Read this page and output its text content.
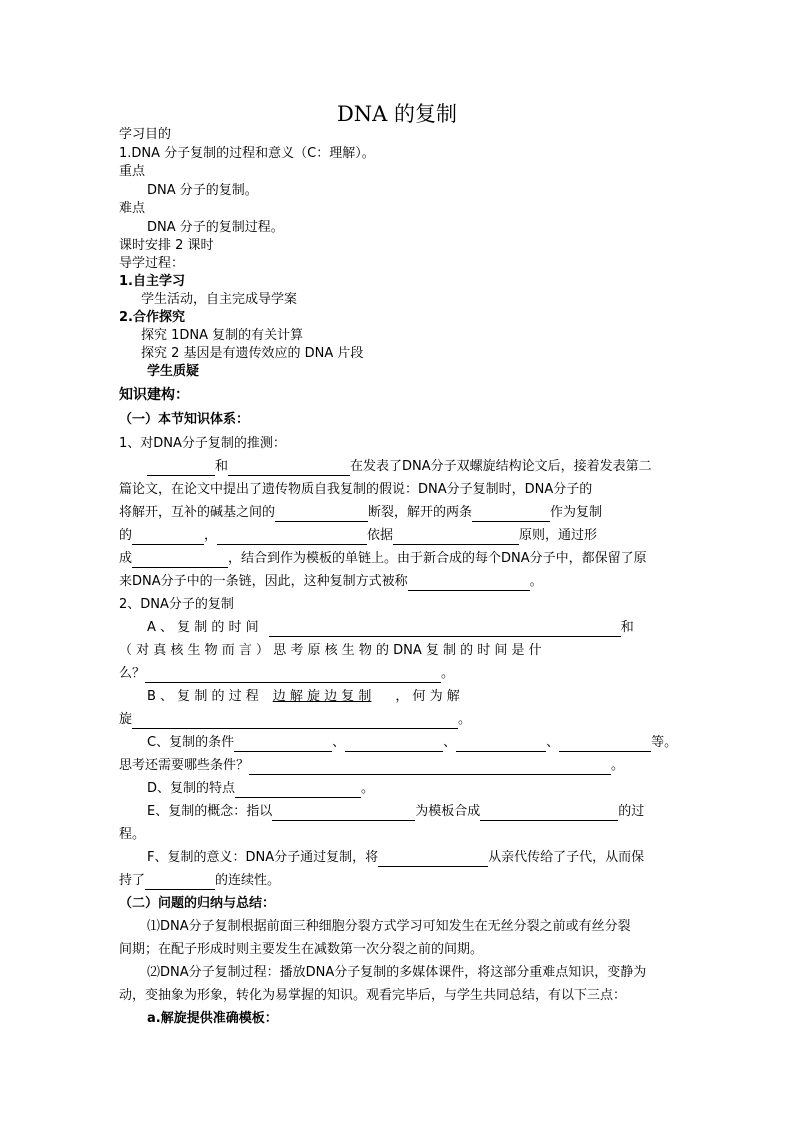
DNA 的复制
学习目的
1.DNA 分子复制的过程和意义（C：理解）。
重点
DNA 分子的复制。
难点
DNA 分子的复制过程。
课时安排 2 课时
导学过程：
1.自主学习
学生活动，自主完成导学案
2.合作探究
探究 1DNA 复制的有关计算
探究 2 基因是有遗传效应的 DNA 片段
学生质疑
知识建构：
（一）本节知识体系：
1、对DNA分子复制的推测：
和	在发表了DNA分子双螺旋结构论文后，接着发表第二
篇论文，在论文中提出了遗传物质自我复制的假说：DNA分子复制时，DNA分子的
将解开，互补的碱基之间的	断裂，解开的两条	作为复制
的	，	依据	原则，通过形
成	，结合到作为模板的单链上。由于新合成的每个DNA分子中，都保留了原
来DNA分子中的一条链，因此，这种复制方式被称	。
2、DNA分子的复制
A 、 复 制 的 时 间	和
（ 对 真 核 生 物 而 言 ） 思 考 原 核 生 物 的 DNA 复 制 的 时 间 是 什
么？	。
B 、 复 制 的 过 程 边 解 旋 边 复 制 ， 何 为 解
旋	。
C、复制的条件	、	、	、	等。
思考还需要哪些条件？	。
D、复制的特点	。
E、复制的概念：指以	为模板合成	的过
程。
F、复制的意义：DNA分子通过复制，将	从亲代传给了子代，从而保
持了	的连续性。
（二）问题的归纳与总结：
⑴DNA分子复制根据前面三种细胞分裂方式学习可知发生在无丝分裂之前或有丝分裂
间期；在配子形成时则主要发生在减数第一次分裂之前的间期。
⑵DNA分子复制过程：播放DNA分子复制的多媒体课件，将这部分重难点知识，变静为
动，变抽象为形象，转化为易掌握的知识。观看完毕后，与学生共同总结，有以下三点：
a.解旋提供准确模板：
